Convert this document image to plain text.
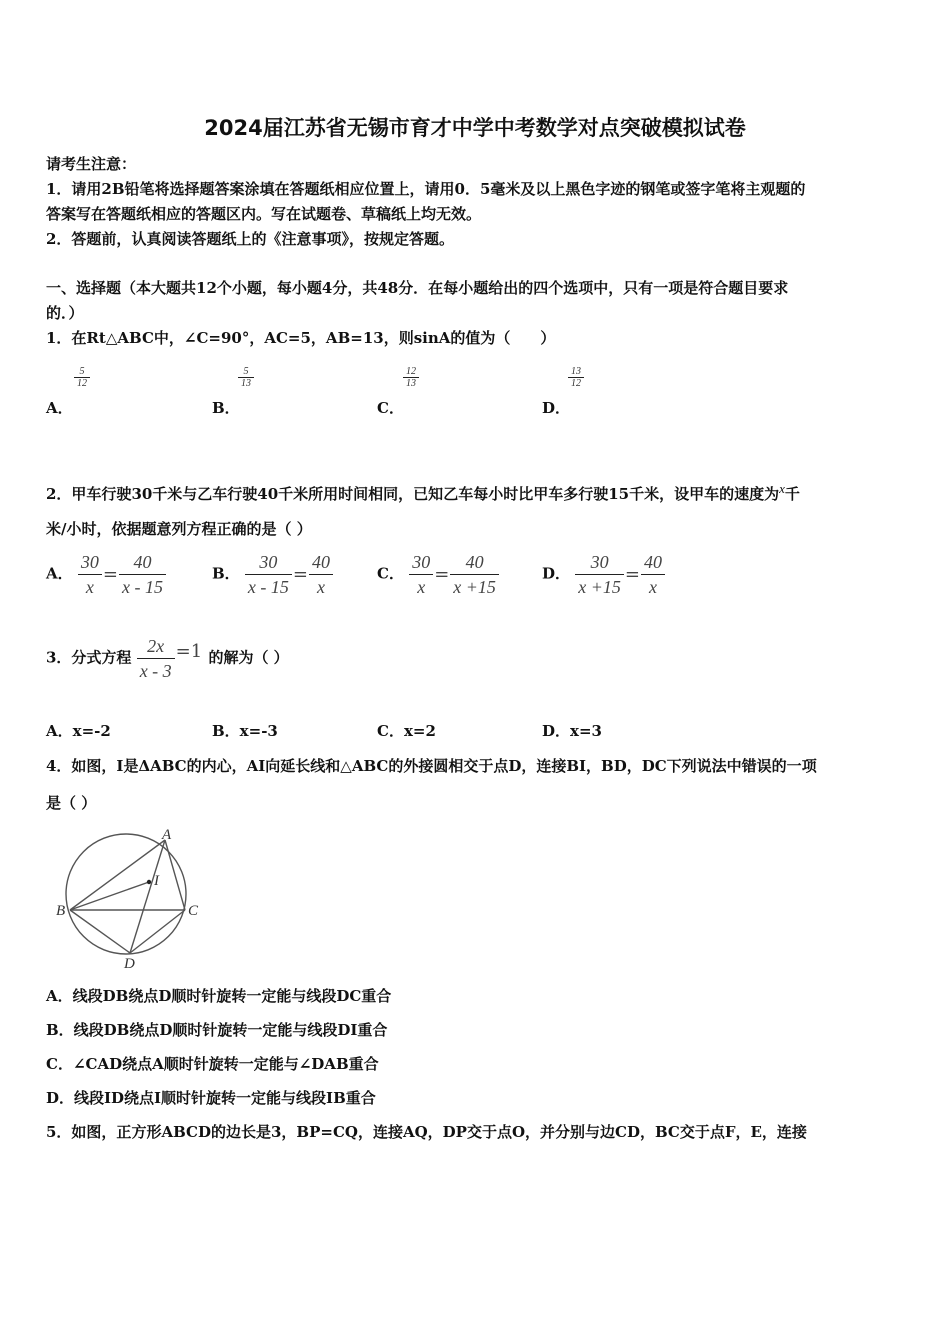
2024届江苏省无锡市育才中学中考数学对点突破模拟试卷
请考生注意：
1．请用2B铅笔将选择题答案涂填在答题纸相应位置上，请用0．5毫米及以上黑色字迹的钢笔或签字笔将主观题的
答案写在答题纸相应的答题区内。写在试题卷、草稿纸上均无效。
2．答题前，认真阅读答题纸上的《注意事项》，按规定答题。
一、选择题（本大题共12个小题，每小题4分，共48分．在每小题给出的四个选项中，只有一项是符合题目要求
的．）
1．在Rt△ABC中，∠C=90°，AC=5，AB=13，则sinA的值为（　　）
A．
$\frac{5}{12}$
B．
$\frac{5}{13}$
C．
$\frac{12}{13}$
D．
$\frac{13}{12}$
2．甲车行驶30千米与乙车行驶40千米所用时间相同，已知乙车每小时比甲车多行驶15千米，设甲车的速度为x千
米/小时，依据题意列方程正确的是（ ）
A． $\frac{30}{x} = \frac{40}{x - 15}$	B． $\frac{30}{x - 15} = \frac{40}{x}$	C． $\frac{30}{x} = \frac{40}{x +15}$	D． $\frac{30}{x +15} = \frac{40}{x}$
3．分式方程 $\frac{2x}{x - 3} =1$ 的解为（ ）
A．x=-2	B．x=-3	C．x=2	D．x=3
4．如图，I是ΔABC的内心，AI向延长线和△ABC的外接圆相交于点D，连接BI，BD，DC下列说法中错误的一项
是（ ）
A
B	C
D
I
A．线段DB绕点D顺时针旋转一定能与线段DC重合
B．线段DB绕点D顺时针旋转一定能与线段DI重合
C．∠CAD绕点A顺时针旋转一定能与∠DAB重合
D．线段ID绕点I顺时针旋转一定能与线段IB重合
5．如图，正方形ABCD的边长是3，BP=CQ，连接AQ，DP交于点O，并分别与边CD，BC交于点F，E，连接
